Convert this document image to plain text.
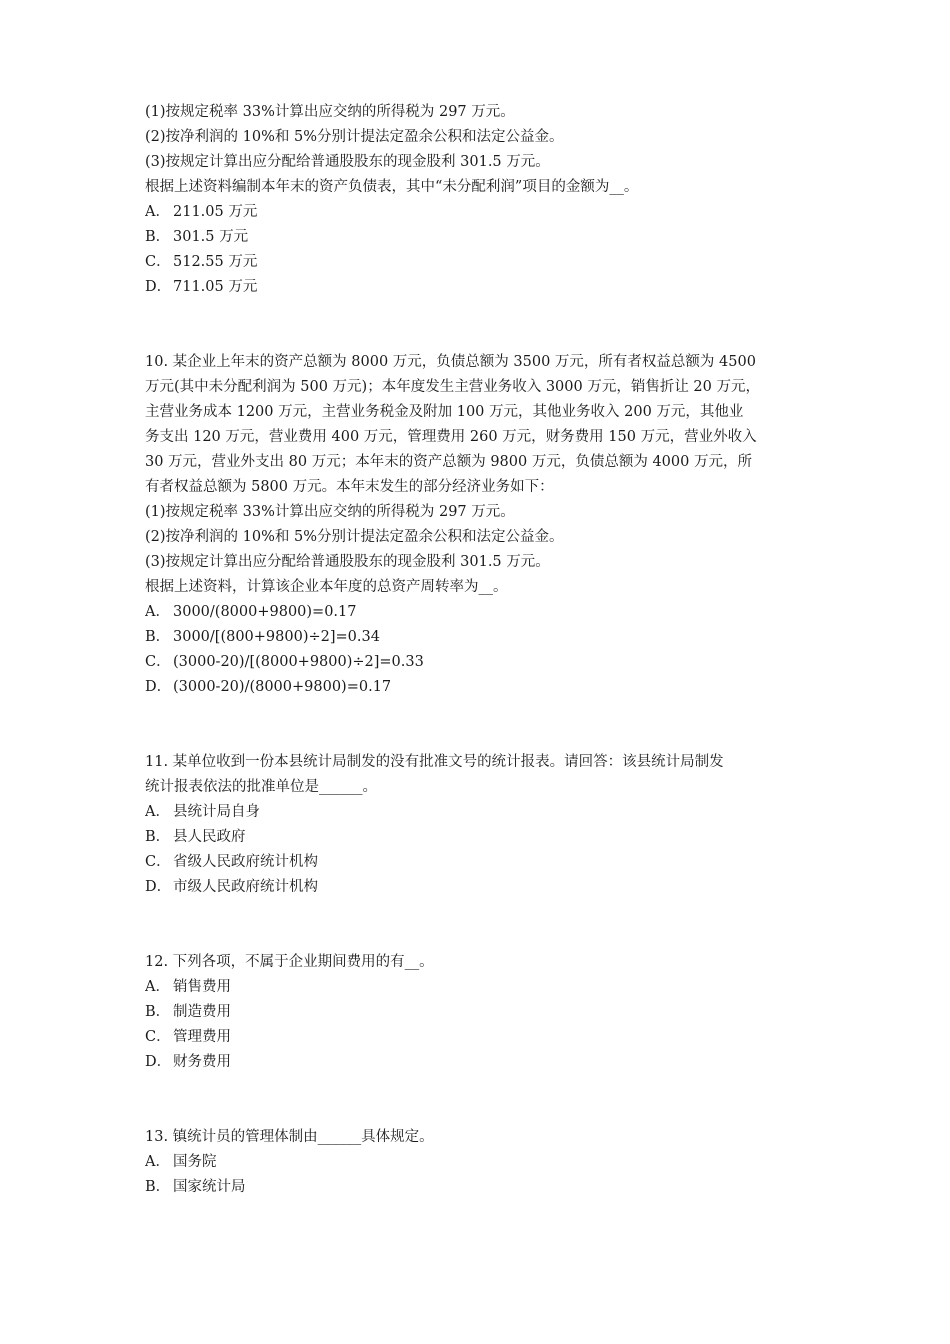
(1)按规定税率 33%计算出应交纳的所得税为 297 万元。
(2)按净利润的 10%和 5%分别计提法定盈余公积和法定公益金。
(3)按规定计算出应分配给普通股股东的现金股利 301.5 万元。
根据上述资料编制本年末的资产负债表，其中“未分配利润”项目的金额为__。
A． 211.05 万元
B． 301.5 万元
C． 512.55 万元
D． 711.05 万元
10. 某企业上年末的资产总额为 8000 万元，负债总额为 3500 万元，所有者权益总额为 4500
万元(其中未分配利润为 500 万元)；本年度发生主营业务收入 3000 万元，销售折让 20 万元，
主营业务成本 1200 万元，主营业务税金及附加 100 万元，其他业务收入 200 万元，其他业
务支出 120 万元，营业费用 400 万元，管理费用 260 万元，财务费用 150 万元，营业外收入
30 万元，营业外支出 80 万元；本年末的资产总额为 9800 万元，负债总额为 4000 万元，所
有者权益总额为 5800 万元。本年末发生的部分经济业务如下：
(1)按规定税率 33%计算出应交纳的所得税为 297 万元。
(2)按净利润的 10%和 5%分别计提法定盈余公积和法定公益金。
(3)按规定计算出应分配给普通股股东的现金股利 301.5 万元。
根据上述资料，计算该企业本年度的总资产周转率为__。
A． 3000/(8000+9800)=0.17
B． 3000/[(800+9800)÷2]=0.34
C． (3000-20)/[(8000+9800)÷2]=0.33
D． (3000-20)/(8000+9800)=0.17
11. 某单位收到一份本县统计局制发的没有批准文号的统计报表。请回答：该县统计局制发
统计报表依法的批准单位是______。
A． 县统计局自身
B． 县人民政府
C． 省级人民政府统计机构
D． 市级人民政府统计机构
12. 下列各项，不属于企业期间费用的有__。
A． 销售费用
B． 制造费用
C． 管理费用
D． 财务费用
13. 镇统计员的管理体制由______具体规定。
A． 国务院
B． 国家统计局
